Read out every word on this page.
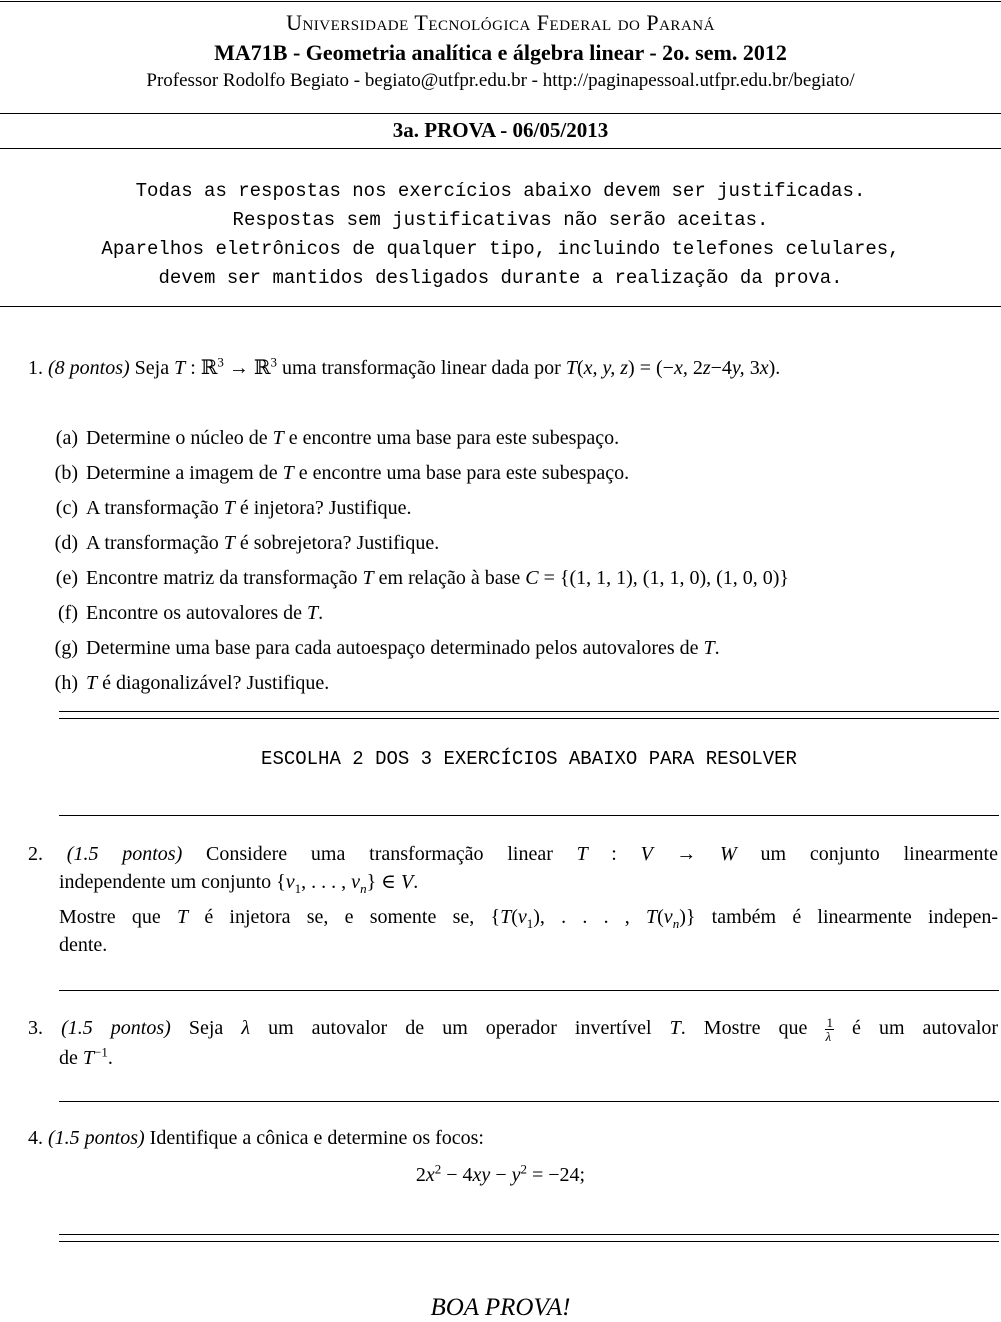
Universidade Tecnológica Federal do Paraná
MA71B - Geometria analítica e álgebra linear - 2o. sem. 2012
Professor Rodolfo Begiato - begiato@utfpr.edu.br - http://paginapessoal.utfpr.edu.br/begiato/
3a. PROVA - 06/05/2013
Todas as respostas nos exercícios abaixo devem ser justificadas.
Respostas sem justificativas não serão aceitas.
Aparelhos eletrônicos de qualquer tipo, incluindo telefones celulares,
devem ser mantidos desligados durante a realização da prova.
1. (8 pontos) Seja T : ℝ$^3$ → ℝ$^3$ uma transformação linear dada por T(x, y, z) = (−x, 2z−4y, 3x).
(a) Determine o núcleo de T e encontre uma base para este subespaço.
(b) Determine a imagem de T e encontre uma base para este subespaço.
(c) A transformação T é injetora? Justifique.
(d) A transformação T é sobrejetora? Justifique.
(e) Encontre matriz da transformação T em relação à base C = {(1, 1, 1), (1, 1, 0), (1, 0, 0)}
(f) Encontre os autovalores de T.
(g) Determine uma base para cada autoespaço determinado pelos autovalores de T.
(h) T é diagonalizável? Justifique.
ESCOLHA 2 DOS 3 EXERCÍCIOS ABAIXO PARA RESOLVER
2. (1.5 pontos) Considere uma transformação linear T : V → W um conjunto linearmente
independente um conjunto {$v_1$, . . . , $v_n$} ∈ V.
Mostre que T é injetora se, e somente se, {$T(v_1)$, . . . , $T(v_n)$} também é linearmente indepen-
dente.
3. (1.5 pontos) Seja λ um autovalor de um operador invertível T. Mostre que $\frac{1}{\lambda}$ é um autovalor
de $T^{-1}$.
4. (1.5 pontos) Identifique a cônica e determine os focos:
$2x^2 - 4xy - y^2 = -24$;
BOA PROVA!
